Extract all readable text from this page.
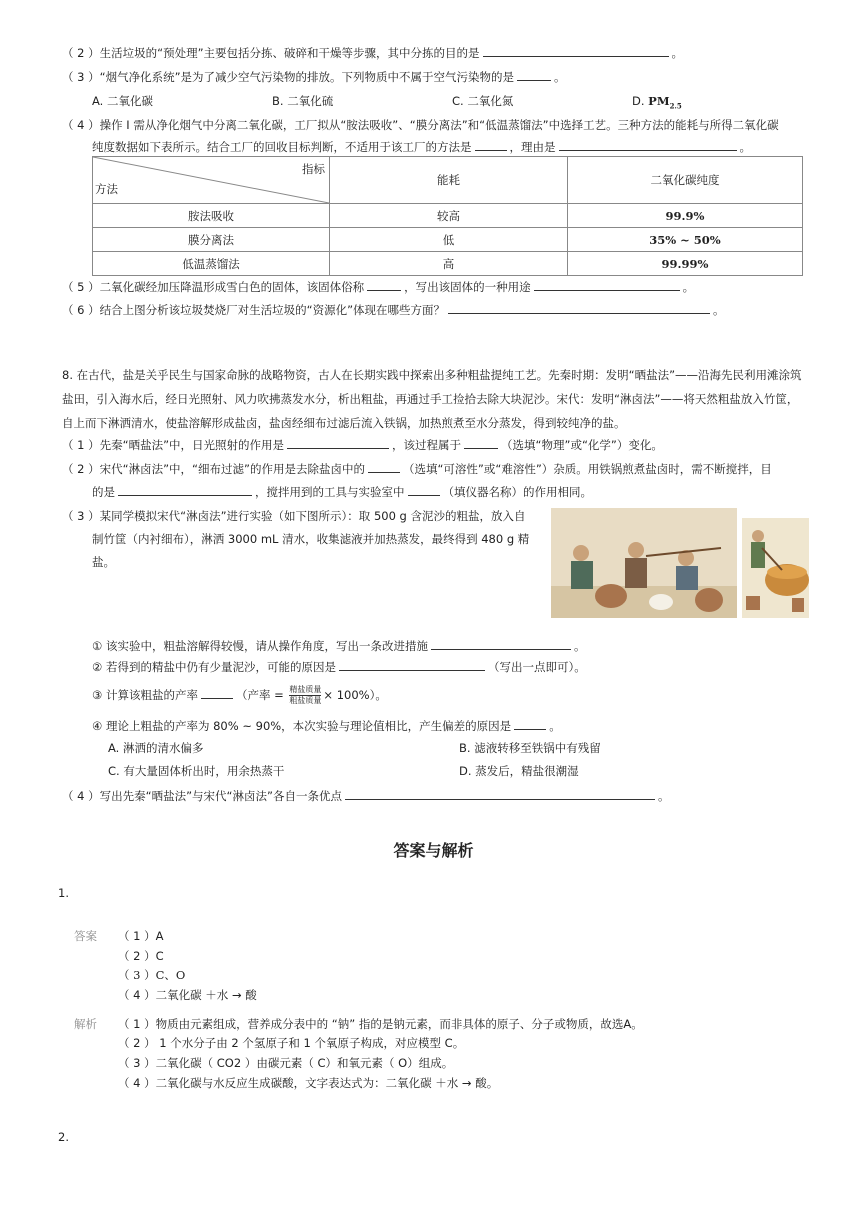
（ 2 ）生活垃圾的“预处理”主要包括分拣、破碎和干燥等步骤，其中分拣的目的是	。
（ 3 ）“烟气净化系统”是为了减少空气污染物的排放。下列物质中不属于空气污染物的是	。
A. 二氧化碳	B. 二氧化硫	C. 二氧化氮	D. $PM_{2.5}$
（ 4 ）操作 I 需从净化烟气中分离二氧化碳，工厂拟从“胺法吸收”、“膜分离法”和“低温蒸馏法”中选择工艺。三种方法的能耗与所得二氧化碳
纯度数据如下表所示。结合工厂的回收目标判断，不适用于该工厂的方法是	，理由是	。
指标
方法	能耗	二氧化碳纯度
胺法吸收	较高	99.9%
膜分离法	低	35% ~ 50%
低温蒸馏法	高	99.99%
（ 5 ）二氧化碳经加压降温形成雪白色的固体，该固体俗称	，写出该固体的一种用途	。
（ 6 ）结合上图分析该垃圾焚烧厂对生活垃圾的“资源化”体现在哪些方面？	。
8. 在古代，盐是关乎民生与国家命脉的战略物资，古人在长期实践中探索出多种粗盐提纯工艺。先秦时期：发明“晒盐法”——沿海先民利用滩涂筑
盐田，引入海水后，经日光照射、风力吹拂蒸发水分，析出粗盐，再通过手工捡拾去除大块泥沙。宋代：发明“淋卤法”——将天然粗盐放入竹筐，
自上而下淋洒清水，使盐溶解形成盐卤，盐卤经细布过滤后流入铁锅，加热煎煮至水分蒸发，得到较纯净的盐。
（ 1 ）先秦“晒盐法”中，日光照射的作用是	，该过程属于	（选填“物理”或“化学”）变化。
（ 2 ）宋代“淋卤法”中，“细布过滤”的作用是去除盐卤中的	（选填“可溶性”或“难溶性”）杂质。用铁锅煎煮盐卤时，需不断搅拌，目
的是	，搅拌用到的工具与实验室中	（填仪器名称）的作用相同。
（ 3 ）某同学模拟宋代“淋卤法”进行实验（如下图所示）：取 500 g 含泥沙的粗盐，放入自
制竹筐（内衬细布），淋洒 3000 mL 清水，收集滤液并加热蒸发，最终得到 480 g 精
盐。
① 该实验中，粗盐溶解得较慢，请从操作角度，写出一条改进措施	。
② 若得到的精盐中仍有少量泥沙，可能的原因是	（写出一点即可）。
③ 计算该粗盐的产率	（产率 = $\frac{\text{精盐质量}}{\text{粗盐质量}} \times 100\%$）。
④ 理论上粗盐的产率为 80% ~ 90%，本次实验与理论值相比，产生偏差的原因是	。
A. 淋洒的清水偏多	B. 滤液转移至铁锅中有残留
C. 有大量固体析出时，用余热蒸干	D. 蒸发后，精盐很潮湿
（ 4 ）写出先秦“晒盐法”与宋代“淋卤法”各自一条优点	。
答案与解析
1.
答案 （ 1 ）A
（ 2 ）C
（ 3 ）C、O
（ 4 ）二氧化碳 ＋水 → 酸
解析 （ 1 ）物质由元素组成，营养成分表中的 “钠” 指的是钠元素，而非具体的原子、分子或物质，故选A。
（ 2 ） 1 个水分子由 2 个氢原子和 1 个氧原子构成，对应模型 C。
（ 3 ）二氧化碳（ CO2 ）由碳元素（ C）和氧元素（ O）组成。
（ 4 ）二氧化碳与水反应生成碳酸，文字表达式为：二氧化碳 ＋水 → 酸。
2.
